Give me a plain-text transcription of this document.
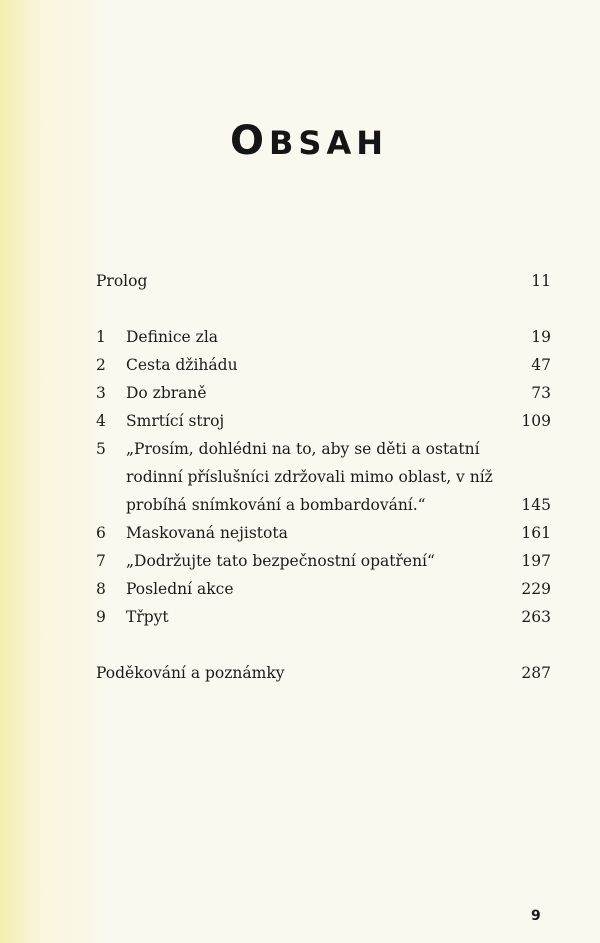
OBSAH
Prolog	11
1	Definice zla	19
2	Cesta džihádu	47
3	Do zbraně	73
4	Smrtící stroj	109
5	„Prosím, dohlédni na to, aby se děti a ostatní
rodinní příslušníci zdržovali mimo oblast, v níž
probíhá snímkování a bombardování.“	145
6	Maskovaná nejistota	161
7	„Dodržujte tato bezpečnostní opatření“	197
8	Poslední akce	229
9	Třpyt	263
Poděkování a poznámky	287
9
